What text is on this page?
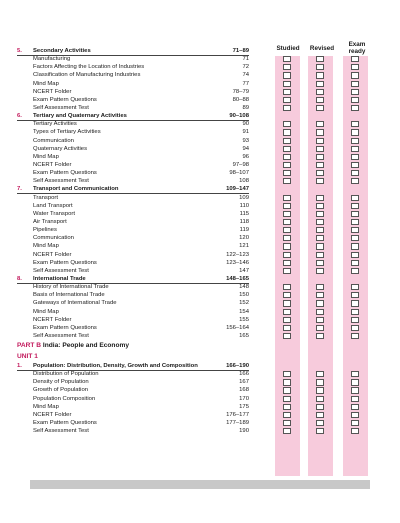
Studied	Revised
Exam ready
5. Secondary Activities	71–89
Manufacturing	71
Factors Affecting the Location of Industries	72
Classification of Manufacturing Industries	74
Mind Map	77
NCERT Folder	78–79
Exam Pattern Questions	80–88
Self Assessment Test	89
6. Tertiary and Quaternary Activities	90–108
Tertiary Activities	90
Types of Tertiary Activities	91
Communication	93
Quaternary Activities	94
Mind Map	96
NCERT Folder	97–98
Exam Pattern Questions	98–107
Self Assessment Test	108
7. Transport and Communication	109–147
Transport	109
Land Transport	110
Water Transport	115
Air Transport	118
Pipelines	119
Communication	120
Mind Map	121
NCERT Folder	122–123
Exam Pattern Questions	123–146
Self Assessment Test	147
8. International Trade	148–165
History of International Trade	148
Basis of International Trade	150
Gateways of International Trade	152
Mind Map	154
NCERT Folder	155
Exam Pattern Questions	156–164
Self Assessment Test	165
PART B India: People and Economy
UNIT 1
1. Population: Distribution, Density, Growth and Composition	166–190
Distribution of Population	166
Density of Population	167
Growth of Population	168
Population Composition	170
Mind Map	175
NCERT Folder	176–177
Exam Pattern Questions	177–189
Self Assessment Test	190
